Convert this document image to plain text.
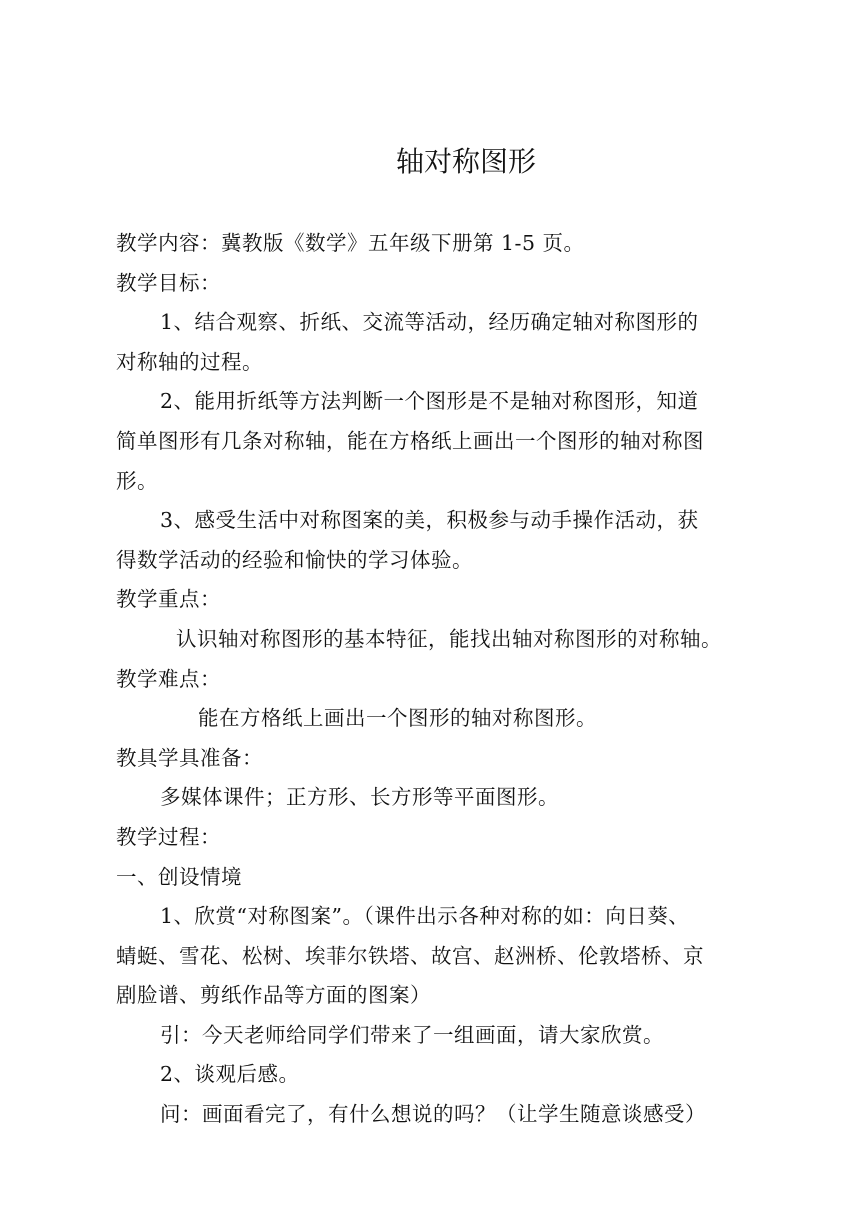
轴对称图形
教学内容：冀教版《数学》五年级下册第 1-5 页。
教学目标：
1、结合观察、折纸、交流等活动，经历确定轴对称图形的
对称轴的过程。
2、能用折纸等方法判断一个图形是不是轴对称图形，知道
简单图形有几条对称轴，能在方格纸上画出一个图形的轴对称图
形。
3、感受生活中对称图案的美，积极参与动手操作活动，获
得数学活动的经验和愉快的学习体验。
教学重点：
认识轴对称图形的基本特征，能找出轴对称图形的对称轴。
教学难点：
能在方格纸上画出一个图形的轴对称图形。
教具学具准备：
多媒体课件；正方形、长方形等平面图形。
教学过程：
一、创设情境
1、欣赏“对称图案”。（课件出示各种对称的如：向日葵、
蜻蜓、雪花、松树、埃菲尔铁塔、故宫、赵洲桥、伦敦塔桥、京
剧脸谱、剪纸作品等方面的图案）
引：今天老师给同学们带来了一组画面，请大家欣赏。
2、谈观后感。
问：画面看完了，有什么想说的吗？（让学生随意谈感受）
